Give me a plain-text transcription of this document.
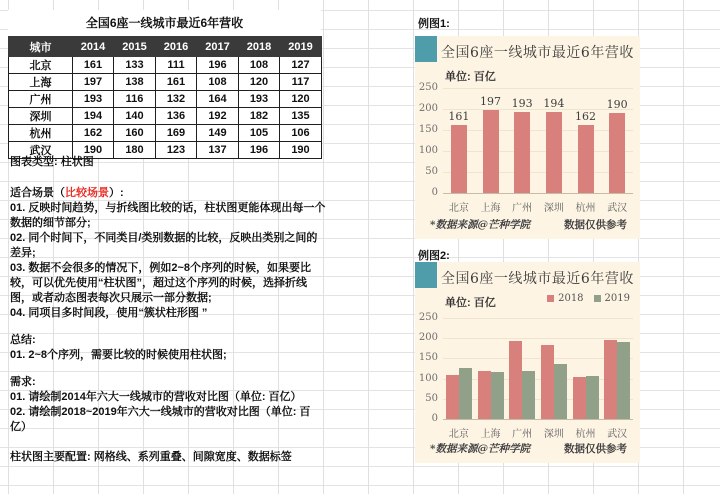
全国6座一线城市最近6年营收
城市	2014	2015	2016	2017	2018	2019
北京	161	133	111	196	108	127
上海	197	138	161	108	120	117
广州	193	116	132	164	193	120
深圳	194	140	136	192	182	135
杭州	162	160	169	149	105	106
武汉	190	180	123	137	196	190
图表类型: 柱状图
适合场景（比较场景）:
01. 反映时间趋势，与折线图比较的话，柱状图更能体现出每一个数据的细节部分;
02. 同个时间下，不同类目/类别数据的比较，反映出类别之间的差异;
03. 数据不会很多的情况下，例如2~8个序列的时候，如果要比较，可以优先使用“柱状图”，超过这个序列的时候，选择折线图，或者动态图表每次只展示一部分数据;
04. 同项目多时间段，使用“簇状柱形图 ”
总结:
01. 2~8个序列，需要比较的时候使用柱状图;
需求:
01. 请绘制2014年六大一线城市的营收对比图（单位: 百亿）
02. 请绘制2018~2019年六大一线城市的营收对比图（单位: 百亿）
柱状图主要配置: 网格线、系列重叠、间隙宽度、数据标签
例图1:
例图2:
全国6座一线城市最近6年营收
单位: 百亿
0
50
100
150
200
250
161
197 193 194
162
190
北京	上海	广州	深圳	杭州	武汉
*数据来源@芒种学院	数据仅供参考
全国6座一线城市最近6年营收
单位: 百亿	2018 2019
0
50
100
150
200
250
北京	上海	广州	深圳	杭州	武汉
*数据来源@芒种学院	数据仅供参考
